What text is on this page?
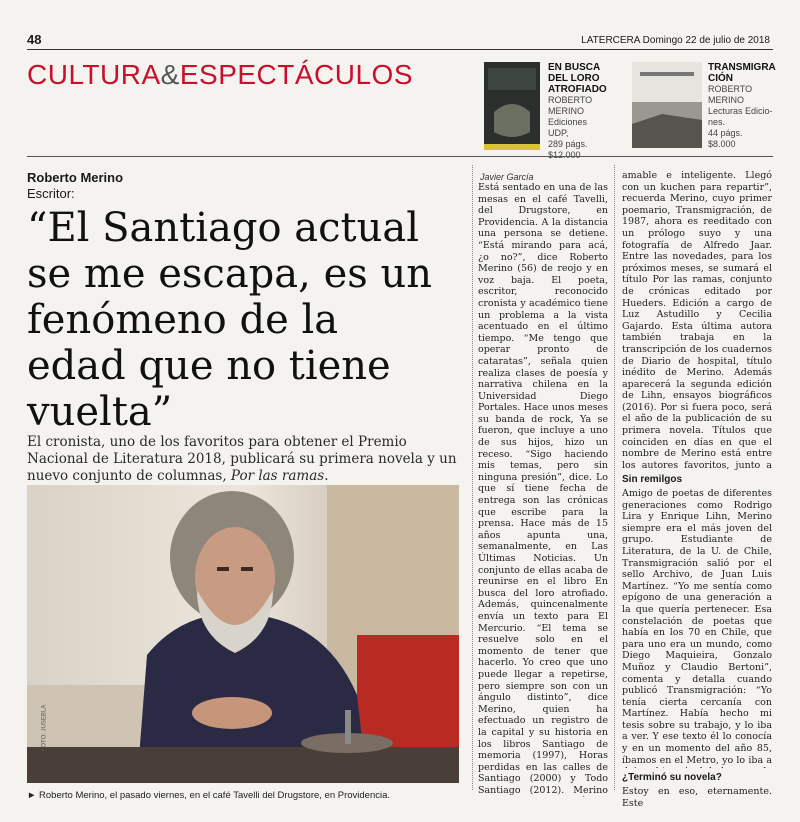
48	LATERCERA Domingo 22 de julio de 2018
CULTURA&ESPECTÁCULOS	EN BUSCA
DEL LORO
ATROFIADO
ROBERTO
MERINO
Ediciones UDP,
289 págs.
$12.000
TRANSMIGRA
CIÓN
ROBERTO
MERINO
Lecturas Edicio-
nes.
44 págs.
$8.000
Roberto Merino
Escritor:
“El Santiago actual se me escapa, es un fenómeno de la edad que no tiene vuelta”
El cronista, uno de los favoritos para obtener el Premio Nacional de Literatura 2018, publicará su primera novela y un nuevo conjunto de columnas, Por las ramas.
FOTO: JUSEBLA
► Roberto Merino, el pasado viernes, en el café Tavelli del Drugstore, en Providencia.
Javier García

Está sentado en una de las mesas en el café Tavelli, del Drugstore, en Providencia. A la distancia una persona se detiene. “Está mirando para acá, ¿o no?”, dice Roberto Merino (56) de reojo y en voz baja. El poeta, escritor, reconocido cronista y académico tiene un problema a la vista acentuado en el último tiempo. “Me tengo que operar pronto de cataratas”, señala quien realiza clases de poesía y narrativa chilena en la Universidad Diego Portales. Hace unos meses su banda de rock, Ya se fueron, que incluye a uno de sus hijos, hizo un receso. “Sigo haciendo mis temas, pero sin ninguna presión”, dice. Lo que sí tiene fecha de entrega son las crónicas que escribe para la prensa. Hace más de 15 años apunta una, semanalmente, en Las Últimas Noticias. Un conjunto de ellas acaba de reunirse en el libro En busca del loro atrofiado. Además, quincenalmente envía un texto para El Mercurio. “El tema se resuelve solo en el momento de tener que hacerlo. Yo creo que uno puede llegar a repetirse, pero siempre son con un ángulo distinto”, dice Merino, quien ha efectuado un registro de la capital y su historia en los libros Santiago de memoria (1997), Horas perdidas en las calles de Santiago (2000) y Todo Santiago (2012). Merino

amable e inteligente. Llegó con un kuchen para repartir”, recuerda Merino, cuyo primer poemario, Transmigración, de 1987, ahora es reeditado con un prólogo suyo y una fotografía de Alfredo Jaar. Entre las novedades, para los próximos meses, se sumará el título Por las ramas, conjunto de crónicas editado por Hueders. Edición a cargo de Luz Astudillo y Cecilia Gajardo. Esta última autora también trabaja en la transcripción de los cuadernos de Diario de hospital, título inédito de Merino. Además aparecerá la segunda edición de Lihn, ensayos biográficos (2016). Por si fuera poco, será el año de la publicación de su primera novela. Títulos que coinciden en días en que el nombre de Merino está entre los autores favoritos, junto a

Sin remilgos

Amigo de poetas de diferentes generaciones como Rodrigo Lira y Enrique Lihn, Merino siempre era el más joven del grupo. Estudiante de Literatura, de la U. de Chile, Transmigración salió por el sello Archivo, de Juan Luis Martínez. “Yo me sentía como epígono de una generación a la que quería pertenecer. Esa constelación de poetas que había en los 70 en Chile, que para uno era un mundo, como Diego Maquieira, Gonzalo Muñoz y Claudio Bertoni”, comenta y detalla cuando publicó Transmigración: “Yo tenía cierta cercanía con Martínez. Había hecho mi tesis sobre su trabajo, y lo iba a ver. Y ese texto él lo conocía y en un momento del año 85, íbamos en el Metro, yo lo iba a

¿Terminó su novela?

Estoy en eso, eternamente. Este
